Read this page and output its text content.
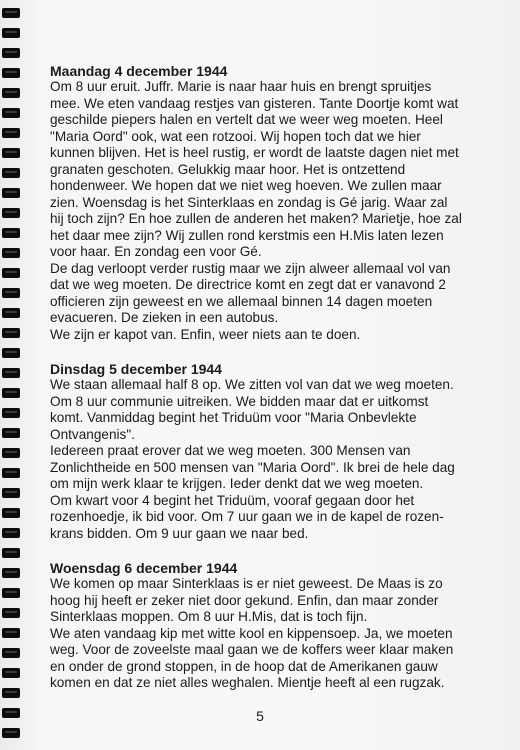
Maandag 4 december 1944

Om 8 uur eruit. Juffr. Marie is naar haar huis en brengt spruitjes
mee. We eten vandaag restjes van gisteren. Tante Doortje komt wat
geschilde piepers halen en vertelt dat we weer weg moeten. Heel
"Maria Oord" ook, wat een rotzooi. Wij hopen toch dat we hier
kunnen blijven. Het is heel rustig, er wordt de laatste dagen niet met
granaten geschoten. Gelukkig maar hoor. Het is ontzettend
hondenweer. We hopen dat we niet weg hoeven. We zullen maar
zien. Woensdag is het Sinterklaas en zondag is Gé jarig. Waar zal
hij toch zijn? En hoe zullen de anderen het maken? Marietje, hoe zal
het daar mee zijn? Wij zullen rond kerstmis een H.Mis laten lezen
voor haar. En zondag een voor Gé.

De dag verloopt verder rustig maar we zijn alweer allemaal vol van
dat we weg moeten. De directrice komt en zegt dat er vanavond 2
officieren zijn geweest en we allemaal binnen 14 dagen moeten
evacueren. De zieken in een autobus.

We zijn er kapot van. Enfin, weer niets aan te doen.

Dinsdag 5 december 1944

We staan allemaal half 8 op. We zitten vol van dat we weg moeten.
Om 8 uur communie uitreiken. We bidden maar dat er uitkomst
komt. Vanmiddag begint het Triduüm voor "Maria Onbevlekte
Ontvangenis".

Iedereen praat erover dat we weg moeten. 300 Mensen van
Zonlichtheide en 500 mensen van "Maria Oord". Ik brei de hele dag
om mijn werk klaar te krijgen. Ieder denkt dat we weg moeten.

Om kwart voor 4 begint het Triduüm, vooraf gegaan door het
rozenhoedje, ik bid voor. Om 7 uur gaan we in de kapel de rozen-
krans bidden. Om 9 uur gaan we naar bed.

Woensdag 6 december 1944

We komen op maar Sinterklaas is er niet geweest. De Maas is zo
hoog hij heeft er zeker niet door gekund. Enfin, dan maar zonder
Sinterklaas moppen. Om 8 uur H.Mis, dat is toch fijn.

We aten vandaag kip met witte kool en kippensoep. Ja, we moeten
weg. Voor de zoveelste maal gaan we de koffers weer klaar maken
en onder de grond stoppen, in de hoop dat de Amerikanen gauw
komen en dat ze niet alles weghalen. Mientje heeft al een rugzak.

5
